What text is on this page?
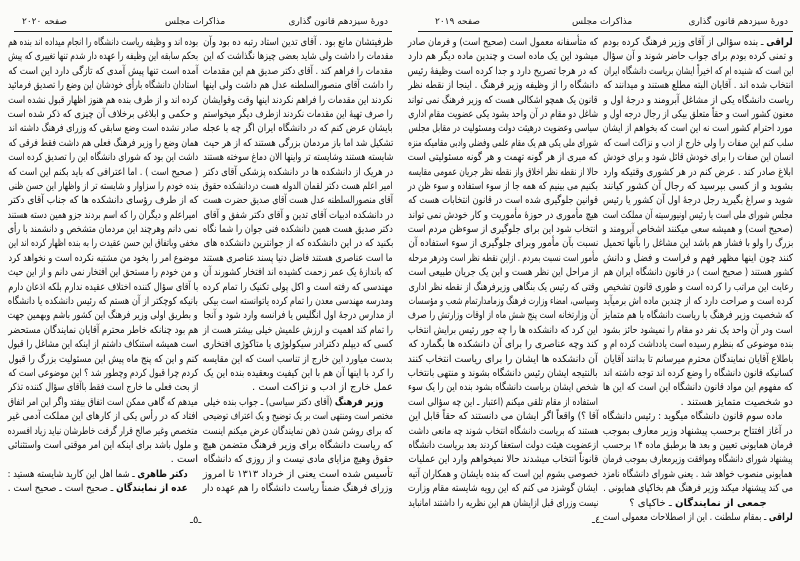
دورهٔ سیزدهم قانون گذاری
مذاکرات مجلس
صفحه ۲۰۲۰
ظرفیتشان مانع بود . آقای تدین استاد رتبه ده بود وآن
مقدمات را داشت ولی شاید بعضی چیزها نگذاشت که این
مقدمات را فراهم کند . آقای دکتر صدیق هم این مقدمات
را داشت آقای منصورالسلطنه عدل هم داشت ولی اینها
نکردند این مقدمات را فراهم نکردند اینها وقت وقوایشان
را صرف تهیهٔ این مقدمات نکردند ازطرف دیگر میخواستم
بایشان عرض کنم که در دانشگاه ایران اگر چه با عجله
تشکیل شد اما باز مردمان بزرگی هستند که از هر حیث
شایسته هستند وشایسته تر واینها الان دماغ سوخته هستند
در هریک از دانشکده ها در دانشکده پزشکی آقای دکتر
امیر اعلم هست دکتر لقمان الدوله هست دردانشکده حقوق
آقای منصورالسلطنه عدل هست آقای صدیق حضرت هست
در دانشکده ادبیات آقای تدین و آقای دکتر شفق و آقای
دکتر صدیق هست همین دانشکده فنی جوان را شما نگاه
بکنید که در این دانشکده که از جوانترین دانشکده های
ما است عناصری هستند فاضل دنیا پسند عناصری هستند
که باندازهٔ یک عمر زحمت کشیده اند افتخار کشورند آن
مهندسی که رفته است و اکل پولی تکنیک را تمام کرده
ومدرسه مهندسی معدن را تمام کرده یاتوانسته است بیکی
از مدارس درجهٔ اول انگلیس یا فرانسه وارد شود و آنجا
را تمام کند اهمیت و ارزش علمیش خیلی بیشتر هست از
کسی که دیپلم دکترادر سیکولوژی یا متاکوژی افتخاری
بدست میاورد این خارج از تناسب است که این مقایسه
را کرد با اینها آن هم با این کیفیت وبعقیده بنده این یک
عمل خارج از ادب و نزاکت است .
وزیر فرهنگ (آقای دکتر سیاسی) ـ جواب بنده خیلی
مختصر است ومنتهی است بر یک توضیح و یک اعتراف توضیحی
که برای روشن شدن ذهن نمایندگان عرض میکنم اینست
که ریاست دانشگاه برای وزیر فرهنگ متضمن هیچ
حقوق وهیچ مزایای مادی نیست و از روزی که دانشگاه
تأسیس شده است یعنی از خرداد ۱۳۱۳ تا امروز
وزرای فرهنگ ضمناً ریاست دانشگاه را هم عهده دار
بوده اند و وظیفه ریاست دانشگاه را انجام میداده اند بنده هم
بحکم سابقه این وظیفه را عهده دار شدم تنها تغییری که پیش
آمده است تنها پیش آمدی که تازگی دارد این است که
استادان دانشگاه بارأی خودشان این وضع را تصدیق فرمائید
کرده اند و از طرف بنده هم هنوز اظهار قبول نشده است
و حکمی و ابلاغی برخلاف آن چیزی که ذکر شده است
صادر نشده است وضع سابقی که وزرای فرهنگ داشته اند
همان وضع را وزیر فرهنگ فعلی هم داشت فقط فرقی که
داشت این بود که شورای دانشگاه این را تصدیق کرده است
( صحیح است ) . اما اعترافی که باید بکنم این است که
بنده خودم را سزاوار و شایسته تر از واظهار این حسن ظنی
که از طرف رؤسای دانشکده ها که جناب آقای دکتر
امیراعلم و دیگران را که اسم بردند جزو همین دسته هستند
نمی دانم وهرچند این مردمان متشخص و دانشمند با رأی
مخفی وباتفاق این حسن عقیدت را به بنده اظهار کرده اند این
موضوع امر را بخود من مشتبه نکرده است و نخواهد کرد
و من خودم را مستحق این افتخار نمی دانم و از این حیث
با آقای سؤال کننده اختلاف عقیده ندارم بلکه اذعان دارم
بانیکه کوچکتر از آن هستم که رئیس دانشکده یا دانشگاه
و بطریق اولی وزیر فرهنگ این کشور باشم وبهمین جهت
هم بود چنانکه خاطر محترم آقایان نمایندگان مستحضر
است همیشه استنکاف داشتم از اینکه این مشاغل را قبول
کنم و این که پنج ماه پیش این مسئولیت بزرگ را قبول
کردم چرا قبول کردم وچطور شد ؟ این موضوعی است که
از بحث فعلی ما خارج است فقط باآقای سؤال کننده تذکر
میدهم که گاهی ممکن است اتفاق بیفتد واگر این امر اتفاق
افتاد که در رأس یکی از کارهای این مملکت آدمی غیر
متخصص وغیر صالح قرار گرفت خاطرشان نباید زیاد افسرده
و ملول باشد برای اینکه این امر موقتی است واستثنائی
است .
دکتر طاهری ـ شما اهل این کارید شایسته هستید :
عده از نمایندگان ـ صحیح است ـ صحیح است .
ـ٥ـ
دورهٔ سیزدهم قانون گذاری
مذاکرات مجلس
صفحه ۲۰۱۹
لراقی ـ بنده سؤالی از آقای وزیر فرهنگ کرده بودم
و تمنی کرده بودم برای جواب حاضر شوند و آن سؤال
این است که شنیده ام که اخیراً ایشان بریاست دانشگاه ایران
انتخاب شده اند . آقایان البته مطلع هستند و میدانند که
ریاست دانشگاه یکی از مشاغل آبرومند و درجهٔ اول و
معنون کشور است و حقاً متعلق بیکی از رجال درجه اول و
مورد احترام کشور است نه این است که بخواهم از ایشان
سلب کنم این صفات را ولی خارج از ادب و نزاکت است که
انسان این صفات را برای خودش قائل شود و برای خودش
ابلاغ صادر کند . عرض کنم در هر کشوری وقتیکه وارد
بشوید و از کسی بپرسید که رجال آن کشور کیانند
شوید و سراغ بگیرید رجل درجهٔ اول آن کشور یا رئیس
مجلس شورای ملی است یا رئیس اونیورسیته آن مملکت است
(صحیح است) و همیشه سعی میکنند اشخاص آبرومند و
بزرگ را ولو با فشار هم باشد این مشاغل را بآنها تحمیل
کنند چون اینها مظهر فهم و فراست و فضل و دانش
کشور هستند ( صحیح است ) در قانون دانشگاه ایران هم
رعایت این مراتب را کرده است و طوری قانون تشخیص
کرده است و صراحت دارد که از چندین ماده اش برمیآید
که شخصیت وزیر فرهنگ با ریاست دانشگاه با هم متمایز
است ودر آن واحد یک نفر دو مقام را نمیشود حائز بشود
بنده موضوعی که بنظرم رسیده است یادداشت کرده ام و
باطلاع آقایان نمایندگان محترم میرسانم تا بدانند آقایان
کسانیکه قانون دانشگاه را وضع کرده اند توجه داشته اند
که مفهوم این مواد قانون دانشگاه این است که این ها
دو شخصیت متمایز هستند .
ماده سوم قانون دانشگاه میگوید : رئیس دانشگاه
در آغاز افتتاح برحسب پیشنهاد وزیر معارف بموجب
فرمان همایونی تعیین و بعد ها برطبق ماده ۱۴ برحسب
پیشنهاد شورای دانشگاه وموافقت وزیرمعارف بموجب فرمان
همایونی منصوب خواهد شد . یعنی شورای دانشگاه نامزد
می کند پیشنهاد میکند وزیر فرهنگ هم بخاکپای همایونی .
جمعی از نمایندگان ـ خاکپای ؟
لراقی ـ بمقام سلطنت . این از اصطلاحات معمولی است
که متأسفانه معمول است (صحیح است) و فرمان صادر
میشود این یک ماده است و چندین ماده دیگر هم دارد
که در هرجا تصریح دارد و جدا کرده است وظیفهٔ رئیس
دانشگاه را از وظیفه وزیر فرهنگ . اینجا از نقطه نظر
قانون یک همچو اشکالی هست که وزیر فرهنگ نمی تواند
شاغل دو مقام در آن واحد بشود یکی عضویت مقام اداری
سیاسی وعضویت درهیئت دولت ومسئولیت در مقابل مجلس
شورای ملی یکی هم یک مقام علمی وفضلی وادبی مقامیکه منزه
که مبری از هر گونه تهمت و هر گونه مسئولیتی است
حالا از نقطه نظر اخلاق واز نقطه نظر جریان عمومی مقایسه
بکنیم می بینیم که همه جا از سوء استفاده و سوء ظن در
قوانین جلوگیری شده است در قانون انتخابات هست که
هیچ مأموری در حوزهٔ مأموریت و کار خودش نمی تواند
انتخاب شود این برای جلوگیری از سوءظن مردم است
نسبت بآن مأمور وبرای جلوگیری از سوء استفاده آن
مأمور است نسبت بمردم . ازاین نقطه نظر است ودرهر مرحله
از مراحل این نظر هست و این یک جریان طبیعی است
وقتی که رئیس یک بنگاهی وزیرفرهنگ از نقطه نظر اداری
وسیاسی، امضاء وزارت فرهنگ وزمامدارتمام شعب و مؤسسات
آن وزارتخانه است پنج شش ماه از اوقات وزارتش را صرف
این کرد که دانشکده ها را چه جور رئیس برایش انتخاب
کند وچه عناصری را برای آن دانشکده ها بگمارد که
آن دانشکده ها ایشان را برای ریاست انتخاب کنند
بالنتیجه ایشان رئیس دانشگاه بشوند و منتهی بانتخاب
شخص ایشان بریاست دانشگاه بشود بنده این را یک سوء
استفاده از مقام تلقی میکنم (اعتبار ـ این چه سؤالی است
آقا ؟) واقعاً اگر ایشان می دانستند که حقاً قابل این
هستند که بریاست دانشگاه انتخاب شوند چه مانعی داشت
ازعضویت هیئت دولت استعفا کردند بعد بریاست دانشگاه
قانوناً انتخاب میشدند حالا نمیخواهم وارد این عملیات
خصوصی بشوم این است که بنده بایشان و همکاران آتیه
ایشان گوشزد می کنم که این رویه شایسته مقام وزارت
نیست وزرای قبل ازایشان هم این نظریه را داشتند امانباید
ـ٤ـ
